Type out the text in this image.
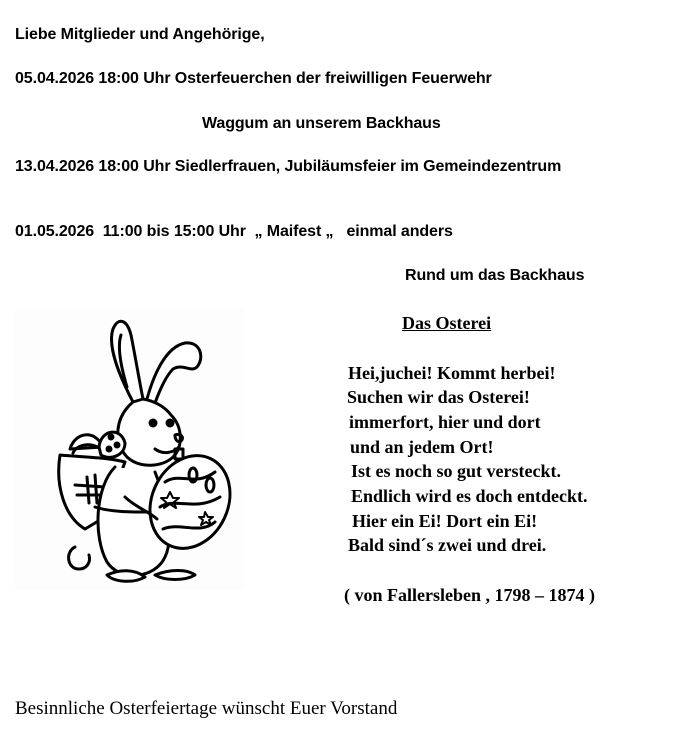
Liebe Mitglieder und Angehörige,
05.04.2026 18:00 Uhr Osterfeuerchen der freiwilligen Feuerwehr
Waggum an unserem Backhaus
13.04.2026 18:00 Uhr Siedlerfrauen, Jubiläumsfeier im Gemeindezentrum
01.05.2026  11:00 bis 15:00 Uhr  „ Maifest „   einmal anders
Rund um das Backhaus
Das Osterei
Hei,juchei! Kommt herbei!
Suchen wir das Osterei!
immerfort, hier und dort
und an jedem Ort!
Ist es noch so gut versteckt.
Endlich wird es doch entdeckt.
Hier ein Ei! Dort ein Ei!
Bald sind´s zwei und drei.
( von Fallersleben , 1798 – 1874 )
Besinnliche Osterfeiertage wünscht Euer Vorstand
